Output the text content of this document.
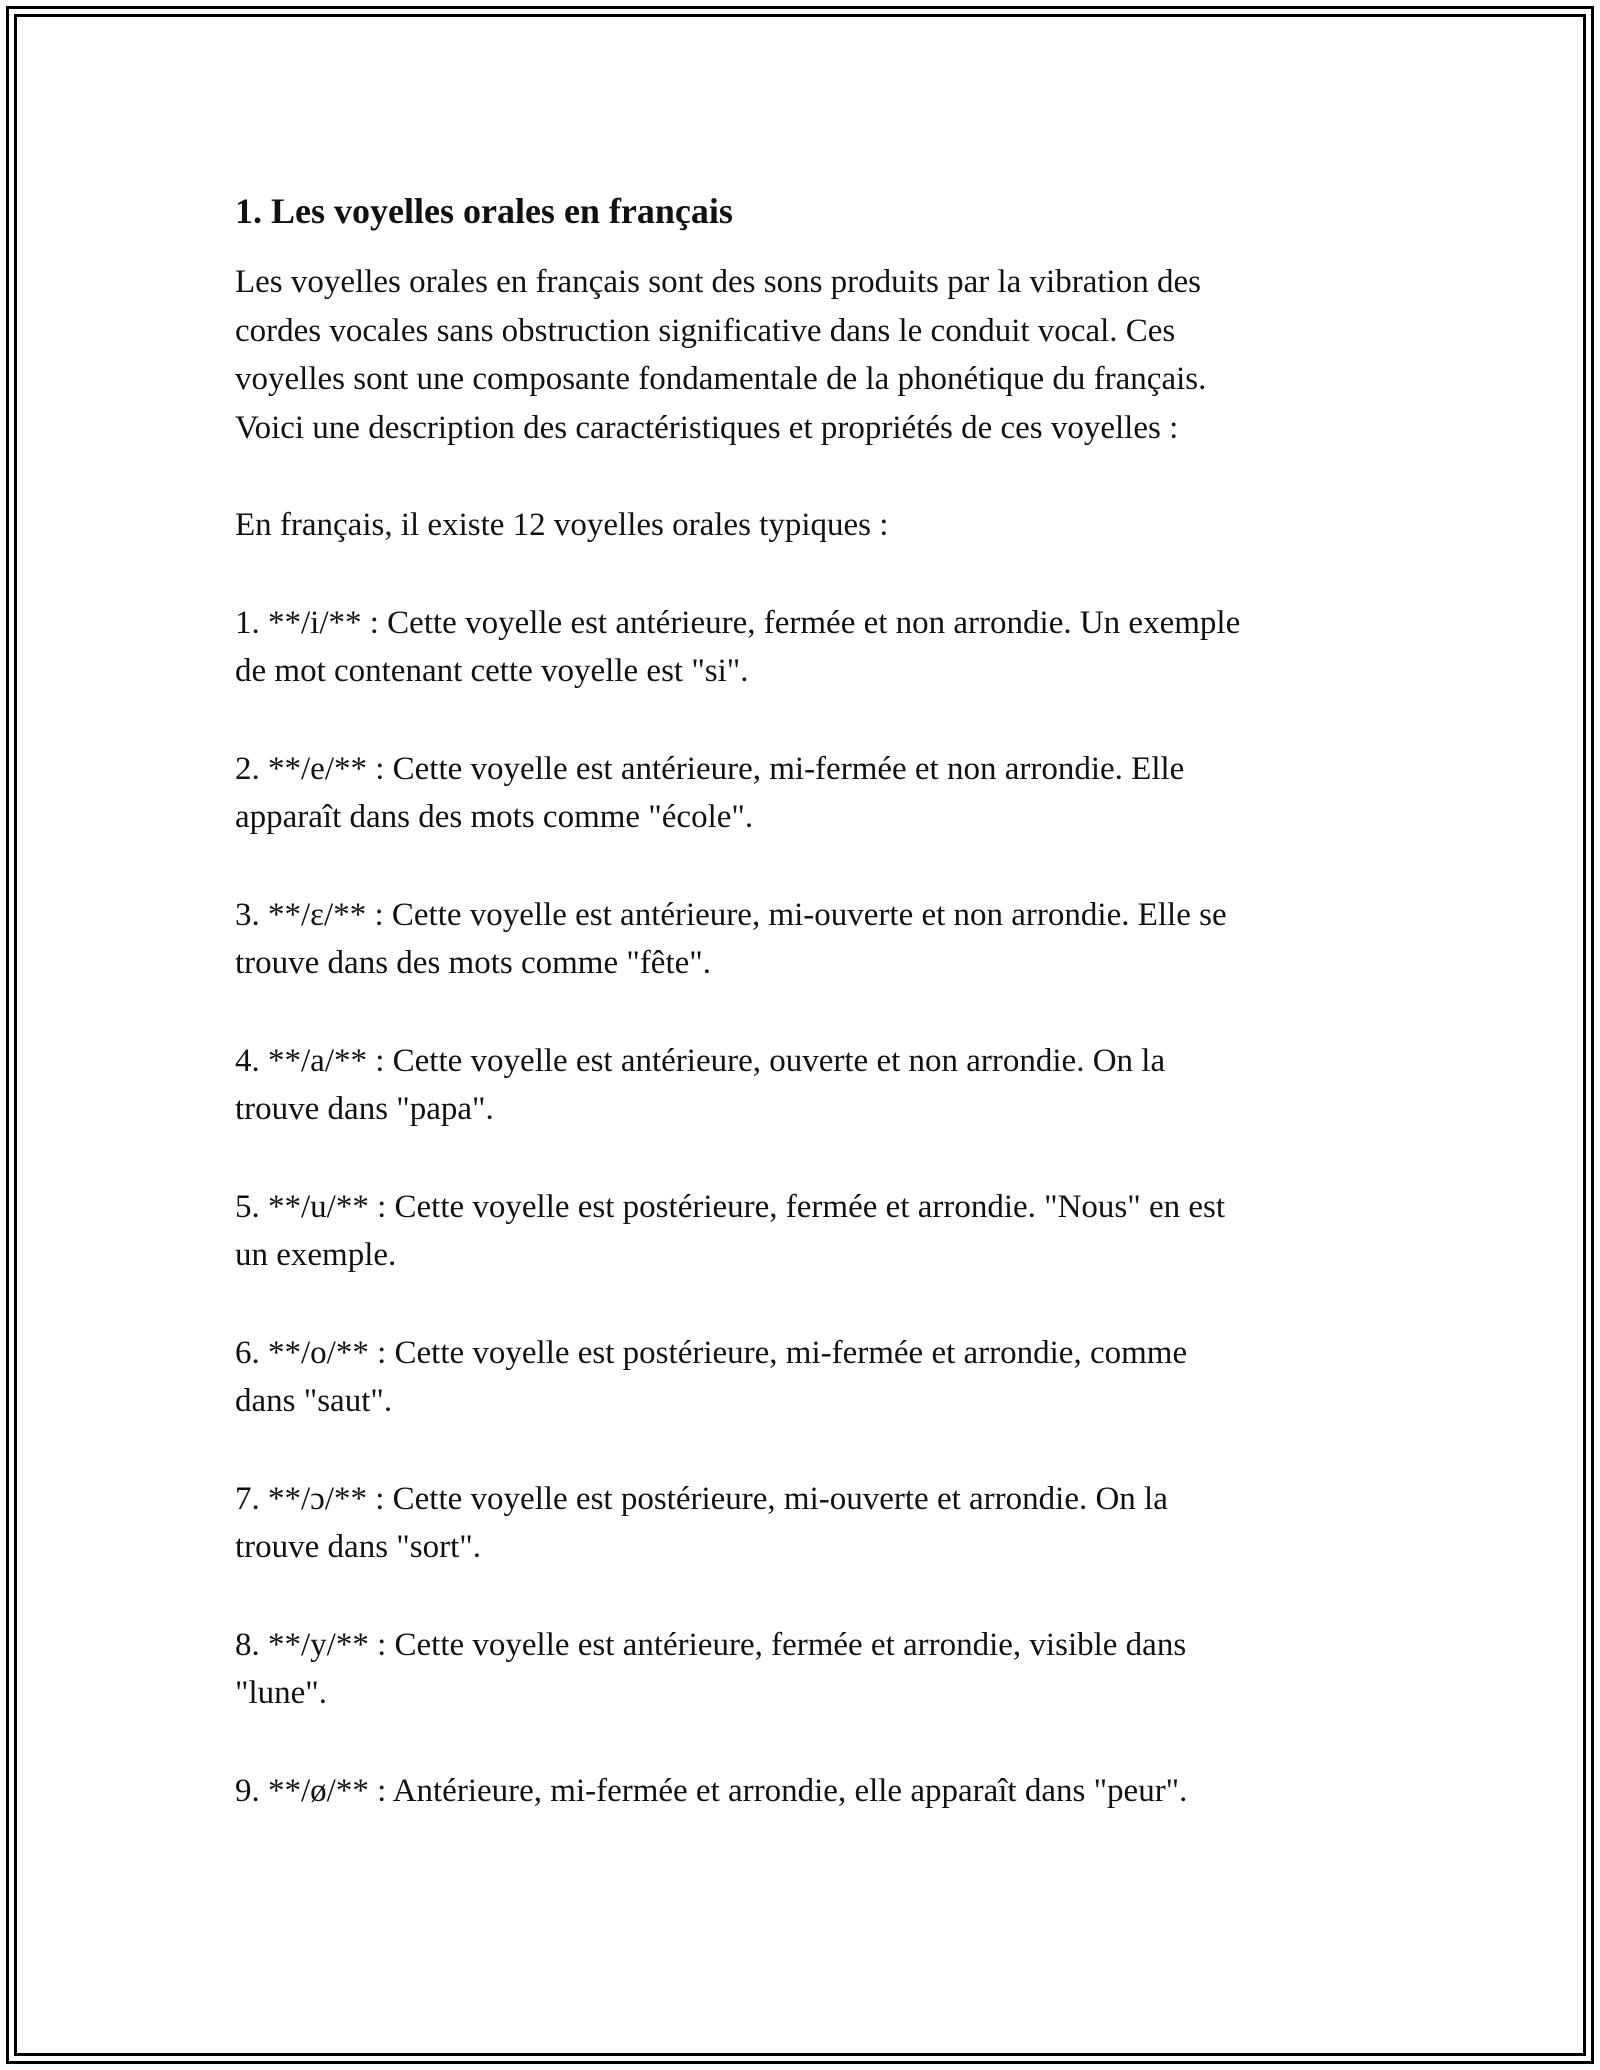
1. Les voyelles orales en français

Les voyelles orales en français sont des sons produits par la vibration des
cordes vocales sans obstruction significative dans le conduit vocal. Ces
voyelles sont une composante fondamentale de la phonétique du français.
Voici une description des caractéristiques et propriétés de ces voyelles :

En français, il existe 12 voyelles orales typiques :

1. **/i/** : Cette voyelle est antérieure, fermée et non arrondie. Un exemple
de mot contenant cette voyelle est "si".

2. **/e/** : Cette voyelle est antérieure, mi-fermée et non arrondie. Elle
apparaît dans des mots comme "école".

3. **/ɛ/** : Cette voyelle est antérieure, mi-ouverte et non arrondie. Elle se
trouve dans des mots comme "fête".

4. **/a/** : Cette voyelle est antérieure, ouverte et non arrondie. On la
trouve dans "papa".

5. **/u/** : Cette voyelle est postérieure, fermée et arrondie. "Nous" en est
un exemple.

6. **/o/** : Cette voyelle est postérieure, mi-fermée et arrondie, comme
dans "saut".

7. **/ɔ/** : Cette voyelle est postérieure, mi-ouverte et arrondie. On la
trouve dans "sort".

8. **/y/** : Cette voyelle est antérieure, fermée et arrondie, visible dans
"lune".

9. **/ø/** : Antérieure, mi-fermée et arrondie, elle apparaît dans "peur".
